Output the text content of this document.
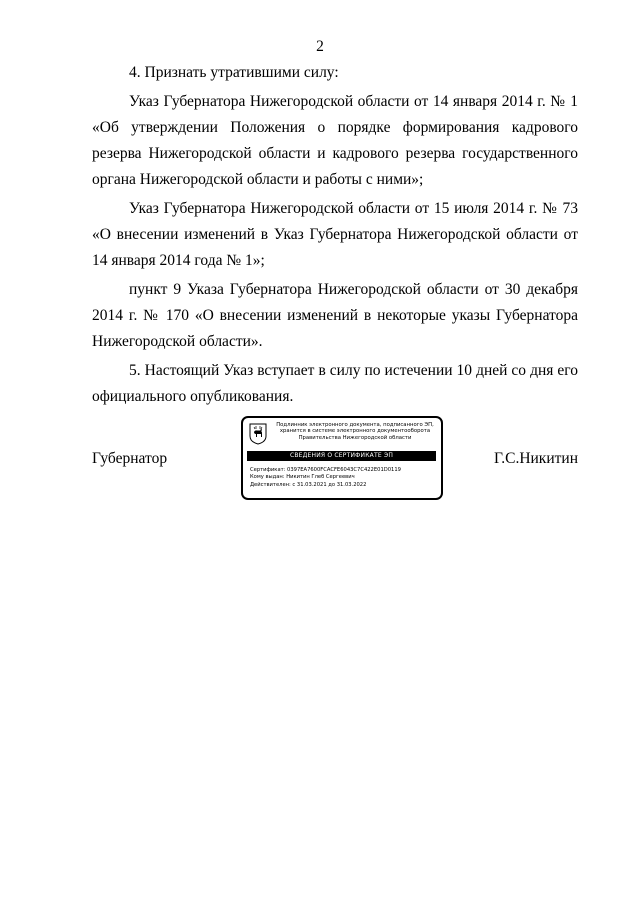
2

4. Признать утратившими силу:

Указ Губернатора Нижегородской области от 14 января 2014 г. № 1 «Об утверждении Положения о порядке формирования кадрового резерва Нижегородской области и кадрового резерва государственного органа Нижегородской области и работы с ними»;

Указ Губернатора Нижегородской области от 15 июля 2014 г. № 73 «О внесении изменений в Указ Губернатора Нижегородской области от 14 января 2014 года № 1»;

пункт 9 Указа Губернатора Нижегородской области от 30 декабря 2014 г. № 170 «О внесении изменений в некоторые указы Губернатора Нижегородской области».

5. Настоящий Указ вступает в силу по истечении 10 дней со дня его официального опубликования.

Губернатор	Г.С.Никитин
Подлинник электронного документа, подписанного ЭП,
хранится в системе электронного документооборота
Правительства Нижегородской области
СВЕДЕНИЯ О СЕРТИФИКАТЕ ЭП
Сертификат: 0397EA7600FCACFE6043C7C422E01D0119
Кому выдан: Никитин Глеб Сергеевич
Действителен: с 31.03.2021 до 31.03.2022
